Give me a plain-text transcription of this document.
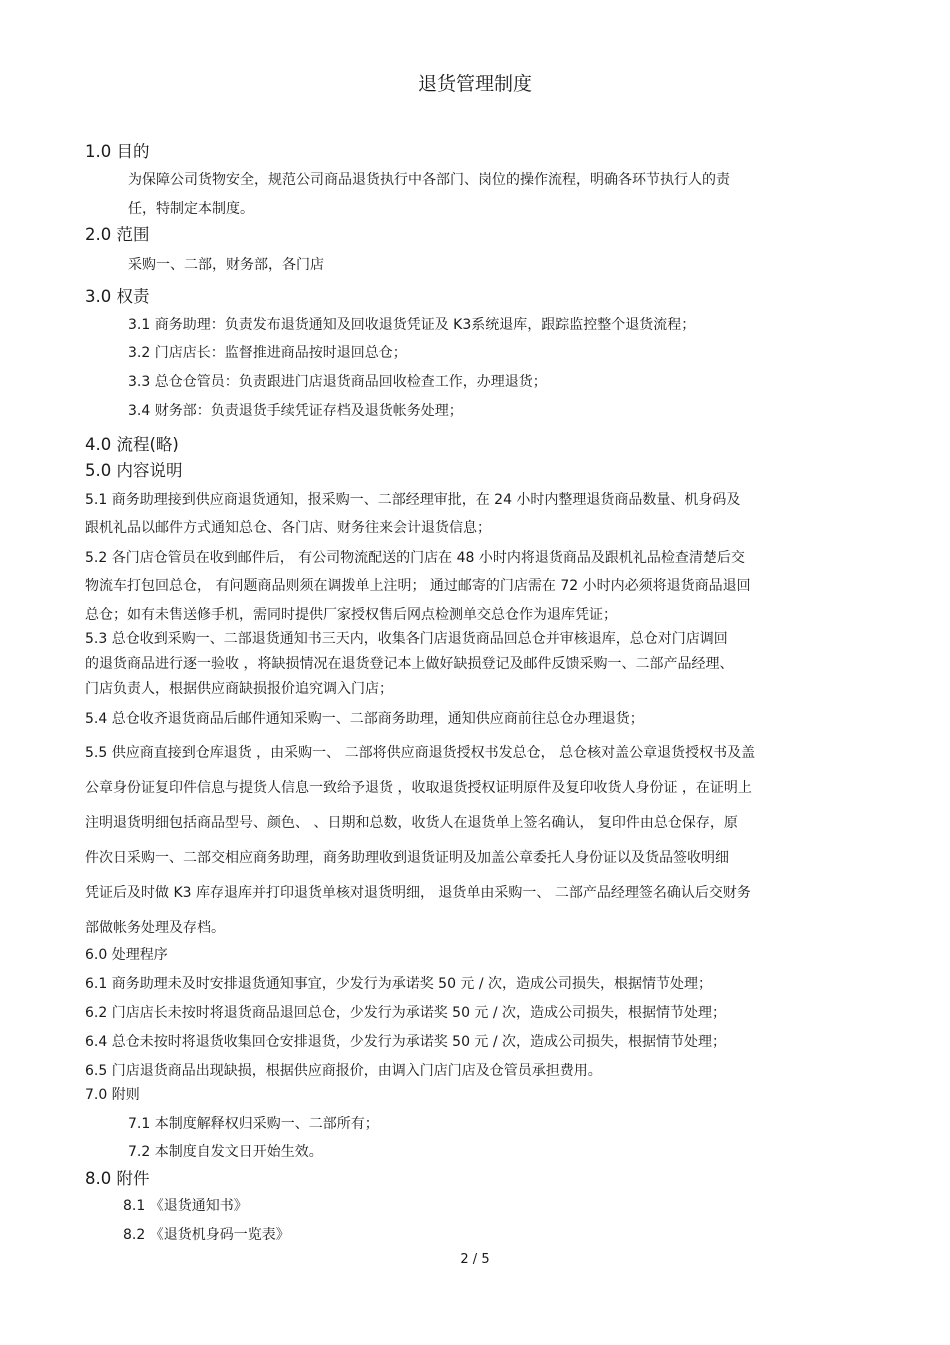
退货管理制度
1.0 目的
为保障公司货物安全，规范公司商品退货执行中各部门、岗位的操作流程，明确各环节执行人的责
任，特制定本制度。
2.0 范围
采购一、二部，财务部，各门店
3.0 权责
3.1 商务助理：负责发布退货通知及回收退货凭证及 K3系统退库，跟踪监控整个退货流程；
3.2 门店店长：监督推进商品按时退回总仓；
3.3 总仓仓管员：负责跟进门店退货商品回收检查工作，办理退货；
3.4 财务部：负责退货手续凭证存档及退货帐务处理；
4.0 流程(略)
5.0 内容说明
5.1 商务助理接到供应商退货通知，报采购一、二部经理审批，在 24 小时内整理退货商品数量、机身码及
跟机礼品以邮件方式通知总仓、各门店、财务往来会计退货信息；
5.2 各门店仓管员在收到邮件后， 有公司物流配送的门店在 48 小时内将退货商品及跟机礼品检查清楚后交
物流车打包回总仓， 有问题商品则须在调拨单上注明； 通过邮寄的门店需在 72 小时内必须将退货商品退回
总仓；如有未售送修手机，需同时提供厂家授权售后网点检测单交总仓作为退库凭证；
5.3 总仓收到采购一、二部退货通知书三天内，收集各门店退货商品回总仓并审核退库，总仓对门店调回
的退货商品进行逐一验收 ，将缺损情况在退货登记本上做好缺损登记及邮件反馈采购一、二部产品经理、
门店负责人，根据供应商缺损报价追究调入门店；
5.4 总仓收齐退货商品后邮件通知采购一、二部商务助理，通知供应商前往总仓办理退货；
5.5 供应商直接到仓库退货 ，由采购一、 二部将供应商退货授权书发总仓， 总仓核对盖公章退货授权书及盖
公章身份证复印件信息与提货人信息一致给予退货 ，收取退货授权证明原件及复印收货人身份证 ，在证明上
注明退货明细包括商品型号、颜色、 、日期和总数，收货人在退货单上签名确认， 复印件由总仓保存，原
件次日采购一、二部交相应商务助理，商务助理收到退货证明及加盖公章委托人身份证以及货品签收明细
凭证后及时做 K3 库存退库并打印退货单核对退货明细， 退货单由采购一、 二部产品经理签名确认后交财务
部做帐务处理及存档。
6.0 处理程序
6.1 商务助理未及时安排退货通知事宜，少发行为承诺奖 50 元 / 次，造成公司损失，根据情节处理；
6.2 门店店长未按时将退货商品退回总仓，少发行为承诺奖 50 元 / 次，造成公司损失，根据情节处理；
6.4 总仓未按时将退货收集回仓安排退货，少发行为承诺奖 50 元 / 次，造成公司损失，根据情节处理；
6.5 门店退货商品出现缺损，根据供应商报价，由调入门店门店及仓管员承担费用。
7.0 附则
7.1 本制度解释权归采购一、二部所有；
7.2 本制度自发文日开始生效。
8.0 附件
8.1 《退货通知书》
8.2 《退货机身码一览表》
2 / 5
